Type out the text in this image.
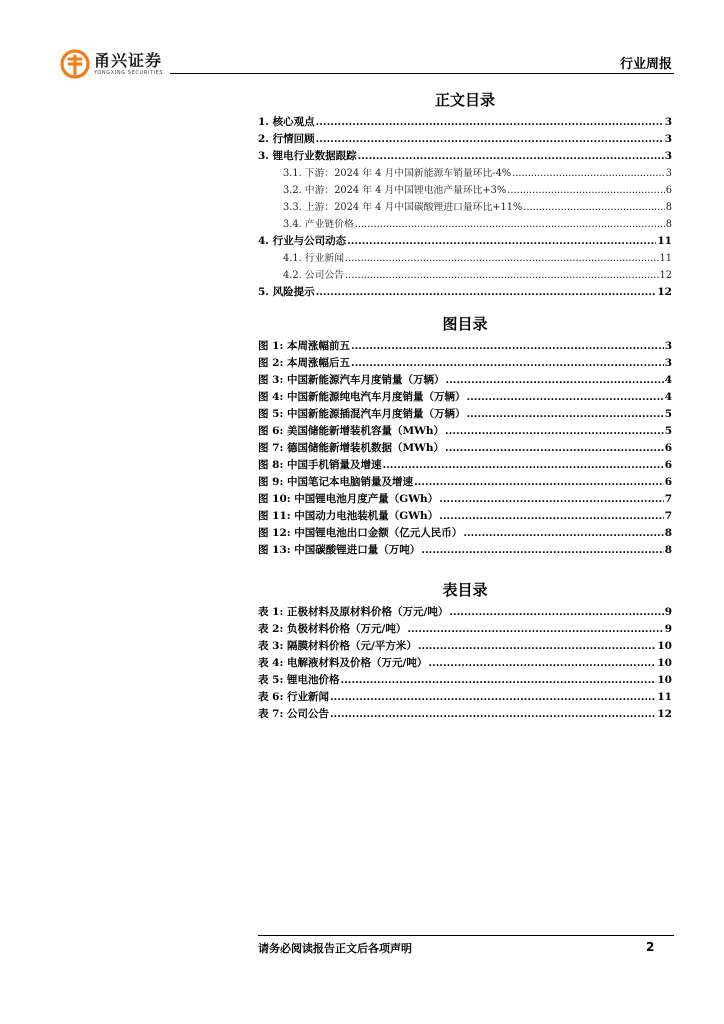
甬兴证券
YONGXING SECURITIES
行业周报
正文目录
1. 核心观点 .....	3
2. 行情回顾 .....	3
3. 锂电行业数据跟踪 .....	3
3.1. 下游：2024 年 4 月中国新能源车销量环比-4% .....	3
3.2. 中游：2024 年 4 月中国锂电池产量环比+3% .....	6
3.3. 上游：2024 年 4 月中国碳酸锂进口量环比+11% .....	8
3.4. 产业链价格 .....	8
4. 行业与公司动态 .....	11
4.1. 行业新闻 .....	11
4.2. 公司公告 .....	12
5. 风险提示 .....	12
图目录
图 1: 本周涨幅前五 .....	3
图 2: 本周涨幅后五 .....	3
图 3: 中国新能源汽车月度销量（万辆） .....	4
图 4: 中国新能源纯电汽车月度销量（万辆） .....	4
图 5: 中国新能源插混汽车月度销量（万辆） .....	5
图 6: 美国储能新增装机容量（MWh） .....	5
图 7: 德国储能新增装机数据（MWh） .....	6
图 8: 中国手机销量及增速 .....	6
图 9: 中国笔记本电脑销量及增速 .....	6
图 10: 中国锂电池月度产量（GWh） .....	7
图 11: 中国动力电池装机量（GWh） .....	7
图 12: 中国锂电池出口金额（亿元人民币） .....	8
图 13: 中国碳酸锂进口量（万吨） .....	8
表目录
表 1: 正极材料及原材料价格（万元/吨） .....	9
表 2: 负极材料价格（万元/吨） .....	9
表 3: 隔膜材料价格（元/平方米） .....	10
表 4: 电解液材料及价格（万元/吨） .....	10
表 5: 锂电池价格 .....	10
表 6: 行业新闻 .....	11
表 7: 公司公告 .....	12
请务必阅读报告正文后各项声明	2
